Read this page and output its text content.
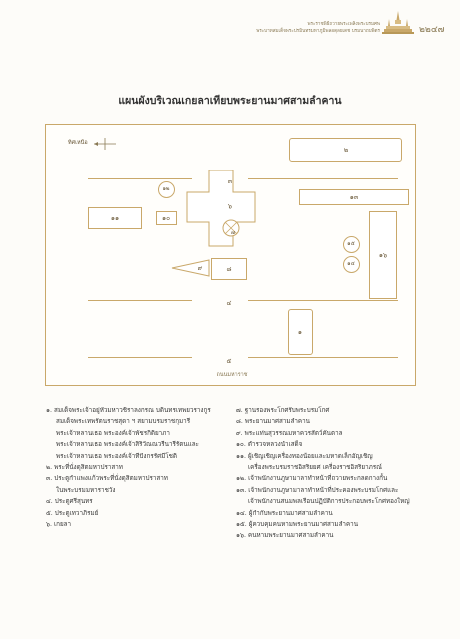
พระราชพิธีถวายพระเพลิงพระบรมศพ
พระบาทสมเด็จพระปรมินทรมหาภูมิพลอดุลยเดช บรมนาถบพิตร	๒๒๔๗
แผนผังบริเวณเกยลาเทียบพระยานมาศสามลำคาน
ทิศเหนือ
๒
๑๓
๓
๖
๗
๑๒
๑๑	๑๐
๑๕
๑๔
๑๖
๙	๘
๔
๑
๕
ถนนมหาราช
๑. สมเด็จพระเจ้าอยู่หัวมหาวชิราลงกรณ บดินทรเทพยวรางกูร
สมเด็จพระเทพรัตนราชสุดา ฯ สยามบรมราชกุมารี
พระเจ้าหลานเธอ พระองค์เจ้าพัชรกิติยาภา
พระเจ้าหลานเธอ พระองค์เจ้าสิริวัณณวรีนารีรัตนและ
พระเจ้าหลานเธอ พระองค์เจ้าทีปังกรรัศมีโชติ
๒. พระที่นั่งดุสิตมหาปราสาท
๓. ประตูกำแพงแก้วพระที่นั่งดุสิตมหาปราสาท
ในพระบรมมหาราชวัง
๔. ประตูศรีสุนทร
๕. ประตูเทวาภิรมย์
๖. เกยลา
๗. ฐานรองพระโกศรับพระบรมโกศ
๘. พระยานมาศสามลำคาน
๙. พระแท่นสุวรรณมหาควรสัตว์คันตาล
๑๐. ตำรวจหลวงนำเสด็จ
๑๑. ผู้เชิญเชิญเครื่องทองน้อยและมหาดเล็กอัญเชิญ
เครื่องพระบรมราชอิสริยยศ เครื่องราชอิสริยาภรณ์
๑๒. เจ้าพนักงานภูษามาลาทำหน้าที่ถวายพระกลดกางกั้น
๑๓. เจ้าพนักงานภูษามาลาทำหน้าที่ประคองพระบรมโกศและ
เจ้าพนักงานสนมพลเรือนปฏิบัติการประกอบพระโกศทองใหญ่
๑๔. ผู้กำกับพระยานมาศสามลำคาน
๑๕. ผู้ควบคุมคนหามพระยานมาศสามลำคาน
๑๖. คนหามพระยานมาศสามลำคาน
